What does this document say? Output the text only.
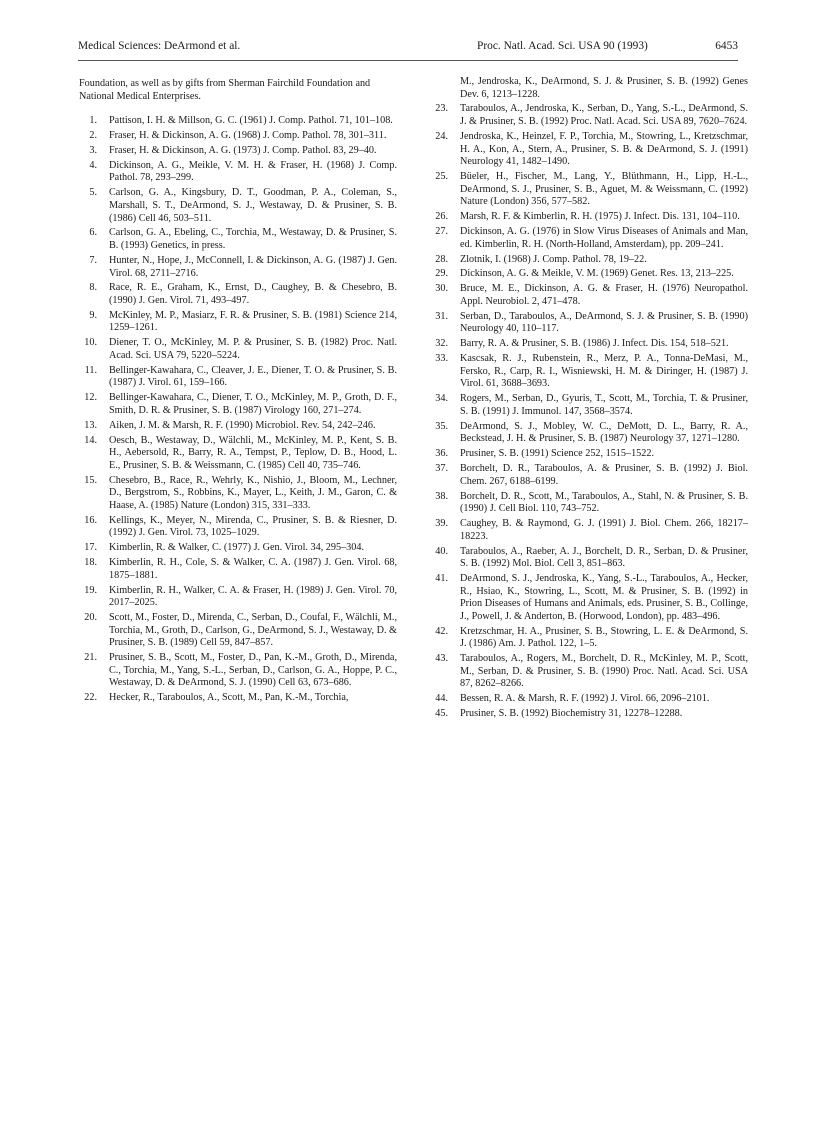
Medical Sciences: DeArmond et al.	Proc. Natl. Acad. Sci. USA 90 (1993)	6453

Foundation, as well as by gifts from Sherman Fairchild Foundation and National Medical Enterprises.

1. Pattison, I. H. & Millson, G. C. (1961) J. Comp. Pathol. 71, 101–108.
2. Fraser, H. & Dickinson, A. G. (1968) J. Comp. Pathol. 78, 301–311.
3. Fraser, H. & Dickinson, A. G. (1973) J. Comp. Pathol. 83, 29–40.
4. Dickinson, A. G., Meikle, V. M. H. & Fraser, H. (1968) J. Comp. Pathol. 78, 293–299.
5. Carlson, G. A., Kingsbury, D. T., Goodman, P. A., Coleman, S., Marshall, S. T., DeArmond, S. J., Westaway, D. & Prusiner, S. B. (1986) Cell 46, 503–511.
6. Carlson, G. A., Ebeling, C., Torchia, M., Westaway, D. & Prusiner, S. B. (1993) Genetics, in press.
7. Hunter, N., Hope, J., McConnell, I. & Dickinson, A. G. (1987) J. Gen. Virol. 68, 2711–2716.
8. Race, R. E., Graham, K., Ernst, D., Caughey, B. & Chesebro, B. (1990) J. Gen. Virol. 71, 493–497.
9. McKinley, M. P., Masiarz, F. R. & Prusiner, S. B. (1981) Science 214, 1259–1261.
10. Diener, T. O., McKinley, M. P. & Prusiner, S. B. (1982) Proc. Natl. Acad. Sci. USA 79, 5220–5224.
11. Bellinger-Kawahara, C., Cleaver, J. E., Diener, T. O. & Prusiner, S. B. (1987) J. Virol. 61, 159–166.
12. Bellinger-Kawahara, C., Diener, T. O., McKinley, M. P., Groth, D. F., Smith, D. R. & Prusiner, S. B. (1987) Virology 160, 271–274.
13. Aiken, J. M. & Marsh, R. F. (1990) Microbiol. Rev. 54, 242–246.
14. Oesch, B., Westaway, D., Wälchli, M., McKinley, M. P., Kent, S. B. H., Aebersold, R., Barry, R. A., Tempst, P., Teplow, D. B., Hood, L. E., Prusiner, S. B. & Weissmann, C. (1985) Cell 40, 735–746.
15. Chesebro, B., Race, R., Wehrly, K., Nishio, J., Bloom, M., Lechner, D., Bergstrom, S., Robbins, K., Mayer, L., Keith, J. M., Garon, C. & Haase, A. (1985) Nature (London) 315, 331–333.
16. Kellings, K., Meyer, N., Mirenda, C., Prusiner, S. B. & Riesner, D. (1992) J. Gen. Virol. 73, 1025–1029.
17. Kimberlin, R. & Walker, C. (1977) J. Gen. Virol. 34, 295–304.
18. Kimberlin, R. H., Cole, S. & Walker, C. A. (1987) J. Gen. Virol. 68, 1875–1881.
19. Kimberlin, R. H., Walker, C. A. & Fraser, H. (1989) J. Gen. Virol. 70, 2017–2025.
20. Scott, M., Foster, D., Mirenda, C., Serban, D., Coufal, F., Wälchli, M., Torchia, M., Groth, D., Carlson, G., DeArmond, S. J., Westaway, D. & Prusiner, S. B. (1989) Cell 59, 847–857.
21. Prusiner, S. B., Scott, M., Foster, D., Pan, K.-M., Groth, D., Mirenda, C., Torchia, M., Yang, S.-L., Serban, D., Carlson, G. A., Hoppe, P. C., Westaway, D. & DeArmond, S. J. (1990) Cell 63, 673–686.
22. Hecker, R., Taraboulos, A., Scott, M., Pan, K.-M., Torchia,
M., Jendroska, K., DeArmond, S. J. & Prusiner, S. B. (1992) Genes Dev. 6, 1213–1228.
23. Taraboulos, A., Jendroska, K., Serban, D., Yang, S.-L., DeArmond, S. J. & Prusiner, S. B. (1992) Proc. Natl. Acad. Sci. USA 89, 7620–7624.
24. Jendroska, K., Heinzel, F. P., Torchia, M., Stowring, L., Kretzschmar, H. A., Kon, A., Stern, A., Prusiner, S. B. & DeArmond, S. J. (1991) Neurology 41, 1482–1490.
25. Büeler, H., Fischer, M., Lang, Y., Blüthmann, H., Lipp, H.-L., DeArmond, S. J., Prusiner, S. B., Aguet, M. & Weissmann, C. (1992) Nature (London) 356, 577–582.
26. Marsh, R. F. & Kimberlin, R. H. (1975) J. Infect. Dis. 131, 104–110.
27. Dickinson, A. G. (1976) in Slow Virus Diseases of Animals and Man, ed. Kimberlin, R. H. (North-Holland, Amsterdam), pp. 209–241.
28. Zlotnik, I. (1968) J. Comp. Pathol. 78, 19–22.
29. Dickinson, A. G. & Meikle, V. M. (1969) Genet. Res. 13, 213–225.
30. Bruce, M. E., Dickinson, A. G. & Fraser, H. (1976) Neuropathol. Appl. Neurobiol. 2, 471–478.
31. Serban, D., Taraboulos, A., DeArmond, S. J. & Prusiner, S. B. (1990) Neurology 40, 110–117.
32. Barry, R. A. & Prusiner, S. B. (1986) J. Infect. Dis. 154, 518–521.
33. Kascsak, R. J., Rubenstein, R., Merz, P. A., Tonna-DeMasi, M., Fersko, R., Carp, R. I., Wisniewski, H. M. & Diringer, H. (1987) J. Virol. 61, 3688–3693.
34. Rogers, M., Serban, D., Gyuris, T., Scott, M., Torchia, T. & Prusiner, S. B. (1991) J. Immunol. 147, 3568–3574.
35. DeArmond, S. J., Mobley, W. C., DeMott, D. L., Barry, R. A., Beckstead, J. H. & Prusiner, S. B. (1987) Neurology 37, 1271–1280.
36. Prusiner, S. B. (1991) Science 252, 1515–1522.
37. Borchelt, D. R., Taraboulos, A. & Prusiner, S. B. (1992) J. Biol. Chem. 267, 6188–6199.
38. Borchelt, D. R., Scott, M., Taraboulos, A., Stahl, N. & Prusiner, S. B. (1990) J. Cell Biol. 110, 743–752.
39. Caughey, B. & Raymond, G. J. (1991) J. Biol. Chem. 266, 18217–18223.
40. Taraboulos, A., Raeber, A. J., Borchelt, D. R., Serban, D. & Prusiner, S. B. (1992) Mol. Biol. Cell 3, 851–863.
41. DeArmond, S. J., Jendroska, K., Yang, S.-L., Taraboulos, A., Hecker, R., Hsiao, K., Stowring, L., Scott, M. & Prusiner, S. B. (1992) in Prion Diseases of Humans and Animals, eds. Prusiner, S. B., Collinge, J., Powell, J. & Anderton, B. (Horwood, London), pp. 483–496.
42. Kretzschmar, H. A., Prusiner, S. B., Stowring, L. E. & DeArmond, S. J. (1986) Am. J. Pathol. 122, 1–5.
43. Taraboulos, A., Rogers, M., Borchelt, D. R., McKinley, M. P., Scott, M., Serban, D. & Prusiner, S. B. (1990) Proc. Natl. Acad. Sci. USA 87, 8262–8266.
44. Bessen, R. A. & Marsh, R. F. (1992) J. Virol. 66, 2096–2101.
45. Prusiner, S. B. (1992) Biochemistry 31, 12278–12288.
